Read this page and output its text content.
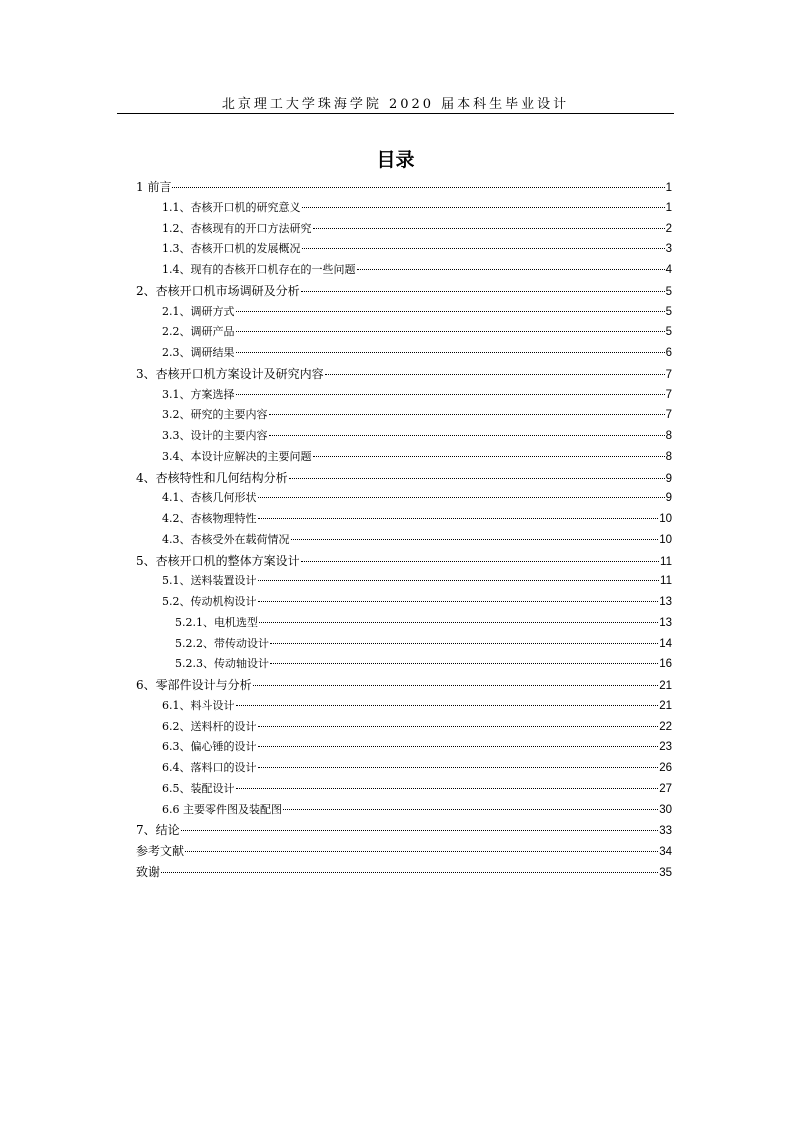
北京理工大学珠海学院 2020 届本科生毕业设计
目录
1 前言	1
1.1、杏核开口机的研究意义	1
1.2、杏核现有的开口方法研究	2
1.3、杏核开口机的发展概况	3
1.4、现有的杏核开口机存在的一些问题	4
2、杏核开口机市场调研及分析	5
2.1、调研方式	5
2.2、调研产品	5
2.3、调研结果	6
3、杏核开口机方案设计及研究内容	7
3.1、方案选择	7
3.2、研究的主要内容	7
3.3、设计的主要内容	8
3.4、本设计应解决的主要问题	8
4、杏核特性和几何结构分析	9
4.1、杏核几何形状	9
4.2、杏核物理特性	10
4.3、杏核受外在载荷情况	10
5、杏核开口机的整体方案设计	11
5.1、送料装置设计	11
5.2、传动机构设计	13
5.2.1、电机选型	13
5.2.2、带传动设计	14
5.2.3、传动轴设计	16
6、零部件设计与分析	21
6.1、料斗设计	21
6.2、送料杆的设计	22
6.3、偏心锤的设计	23
6.4、落料口的设计	26
6.5、装配设计	27
6.6 主要零件图及装配图	30
7、结论	33
参考文献	34
致谢	35
